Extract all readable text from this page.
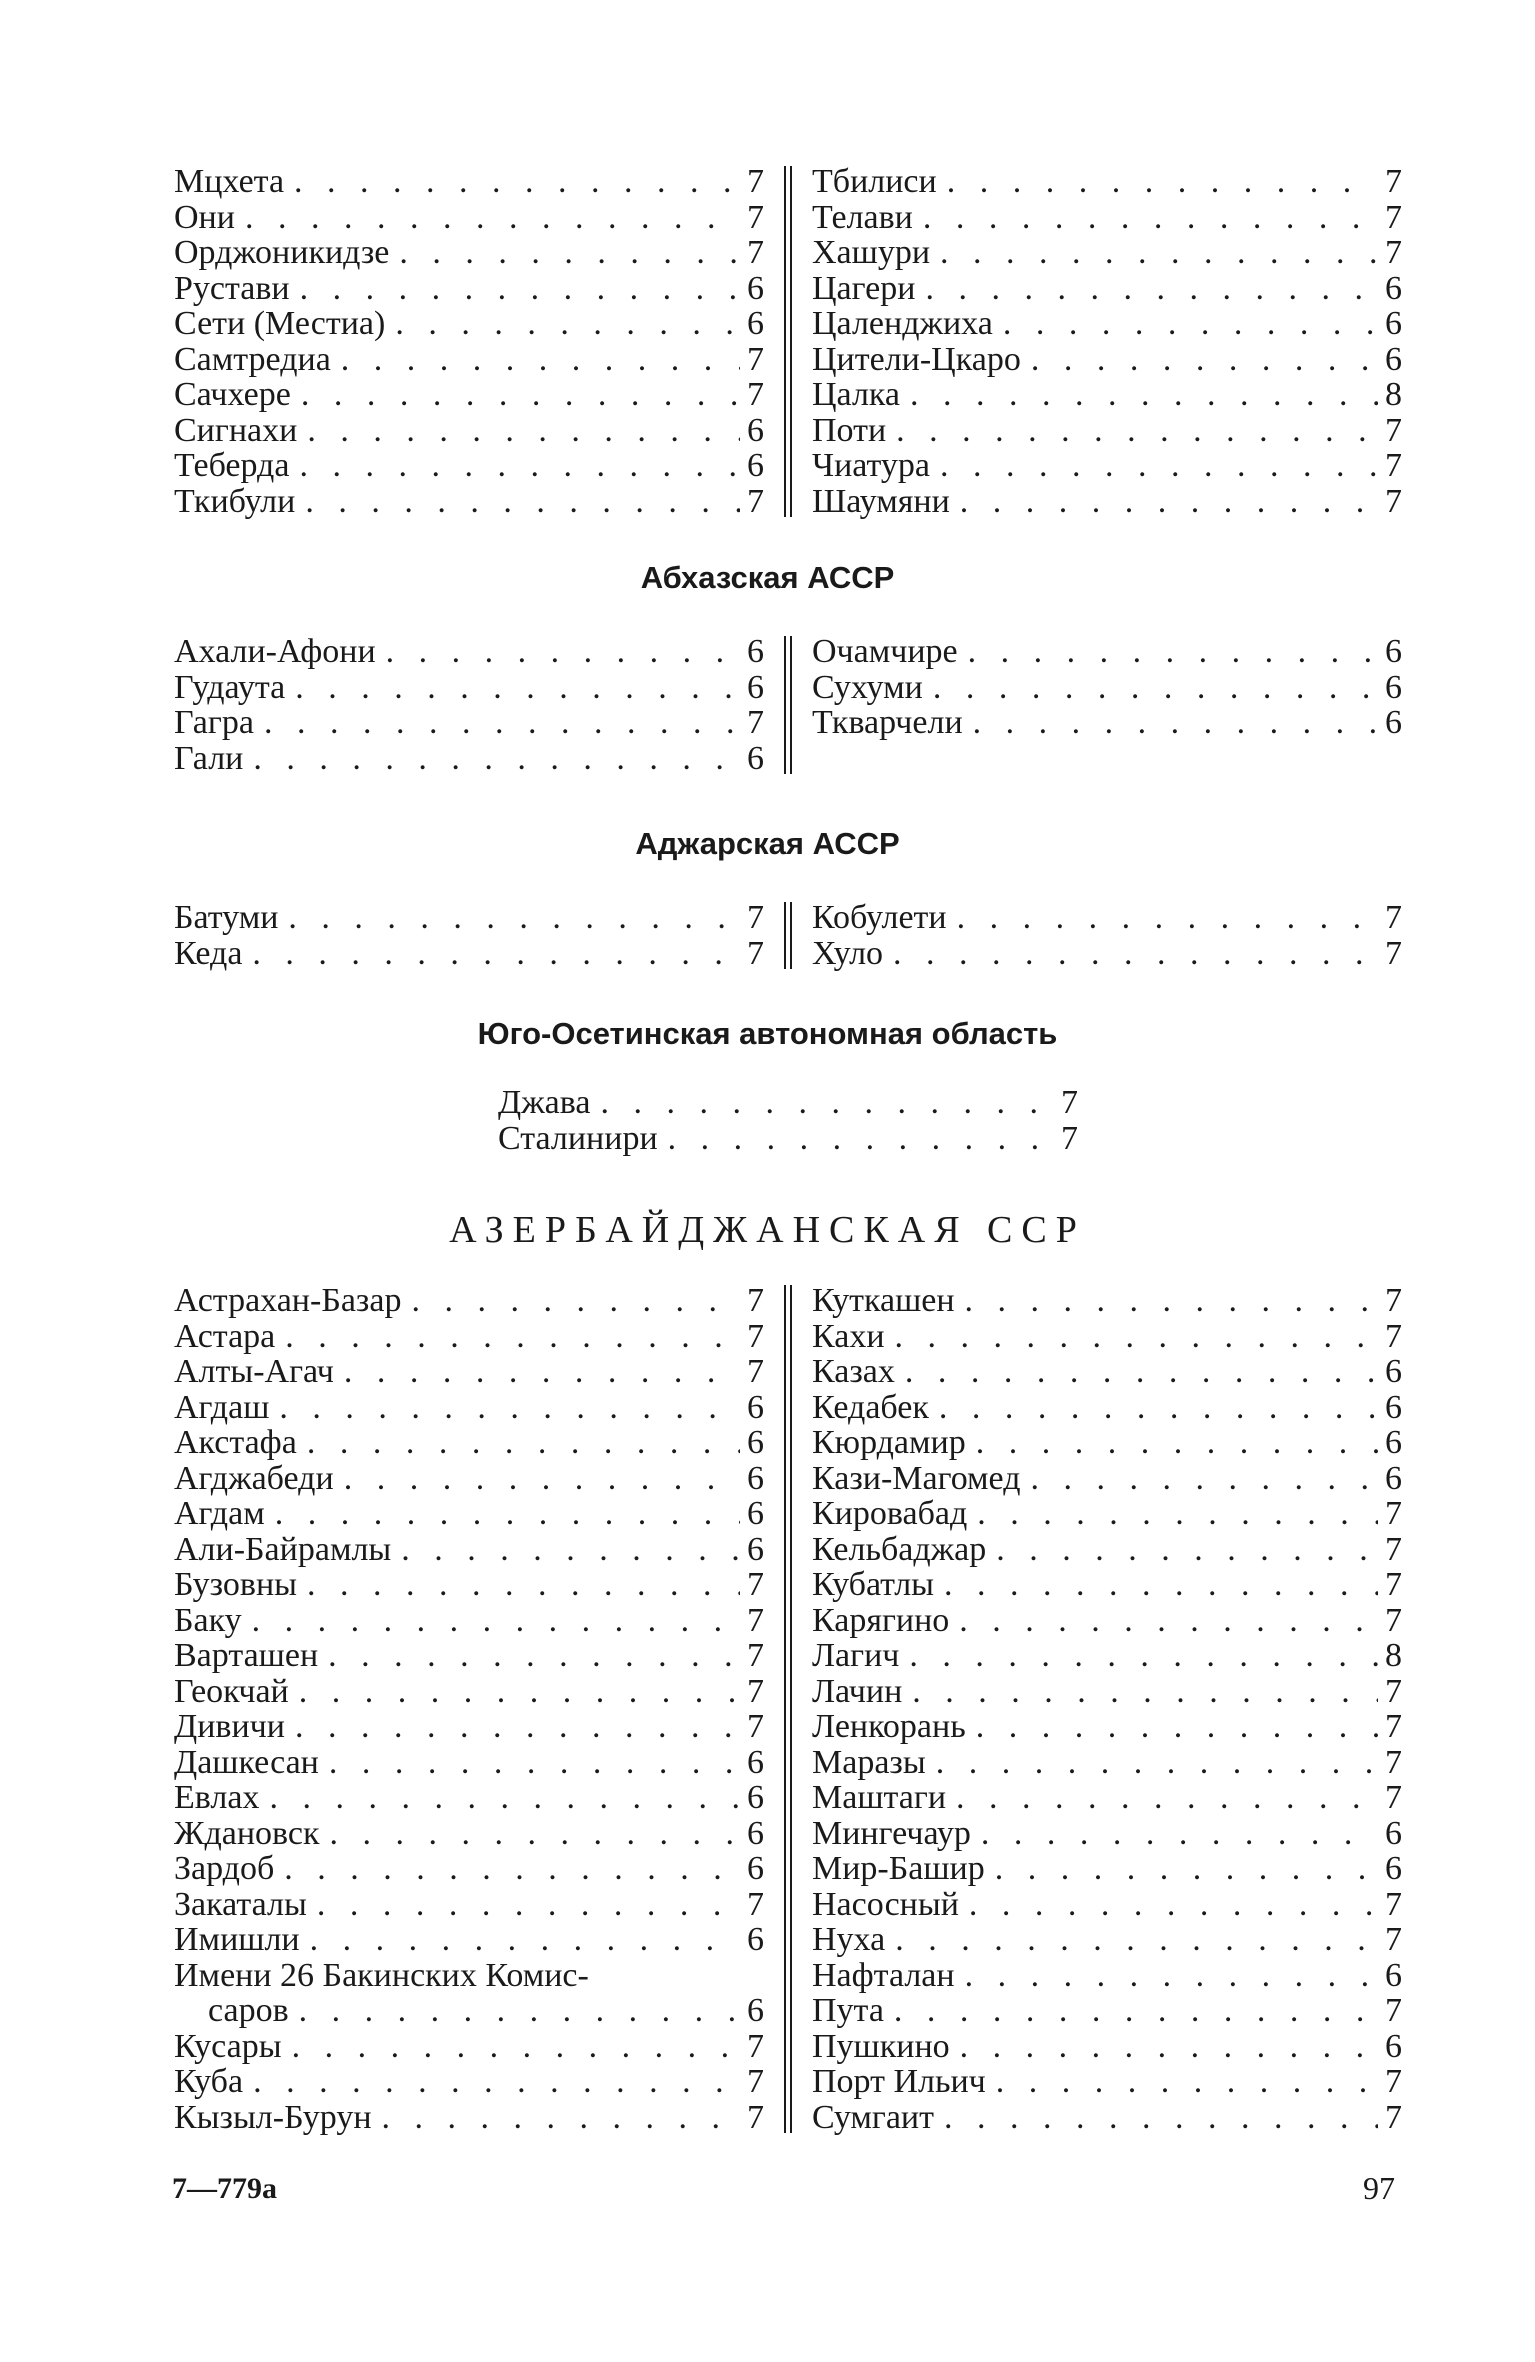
Мцхета . . .	7
Они . . .	7
Орджоникидзе . . .	7
Рустави . . .	6
Сети (Местиа) . . .	6
Самтредиа . . .	7
Сачхере . . .	7
Сигнахи . . .	6
Теберда . . .	6
Ткибули . . .	7
Тбилиси . . .	7
Телави . . .	7
Хашури . . .	7
Цагери . . .	6
Цаленджиха . . .	6
Цители-Цкаро . . .	6
Цалка . . .	8
Поти . . .	7
Чиатура . . .	7
Шаумяни . . .	7
Абхазская АССР
Ахали-Афони . . .	6
Гудаута . . .	6
Гагра . . .	7
Гали . . .	6
Очамчире . . .	6
Сухуми . . .	6
Ткварчели . . .	6
Аджарская АССР
Батуми . . .	7
Кеда . . .	7
Кобулети . . .	7
Хуло . . .	7
Юго-Осетинская автономная область
Джава . . .	7
Сталинири . . .	7
АЗЕРБАЙДЖАНСКАЯ ССР
Астрахан-Базар . . .	7
Астара . . .	7
Алты-Агач . . .	7
Агдаш . . .	6
Акстафа . . .	6
Агджабеди . . .	6
Агдам . . .	6
Али-Байрамлы . . .	6
Бузовны . . .	7
Баку . . .	7
Варташен . . .	7
Геокчай . . .	7
Дивичи . . .	7
Дашкесан . . .	6
Евлах . . .	6
Ждановск . . .	6
Зардоб . . .	6
Закаталы . . .	7
Имишли . . .	6
Имени 26 Бакинских Комис-
саров . . .	6
Кусары . . .	7
Куба . . .	7
Кызыл-Бурун . . .	7
Куткашен . . .	7
Кахи . . .	7
Казах . . .	6
Кедабек . . .	6
Кюрдамир . . .	6
Кази-Магомед . . .	6
Кировабад . . .	7
Кельбаджар . . .	7
Кубатлы . . .	7
Карягино . . .	7
Лагич . . .	8
Лачин . . .	7
Ленкорань . . .	7
Маразы . . .	7
Маштаги . . .	7
Мингечаур . . .	6
Мир-Башир . . .	6
Насосный . . .	7
Нуха . . .	7
Нафталан . . .	6
Пута . . .	7
Пушкино . . .	6
Порт Ильич . . .	7
Сумгаит . . .	7
7—779а	97
